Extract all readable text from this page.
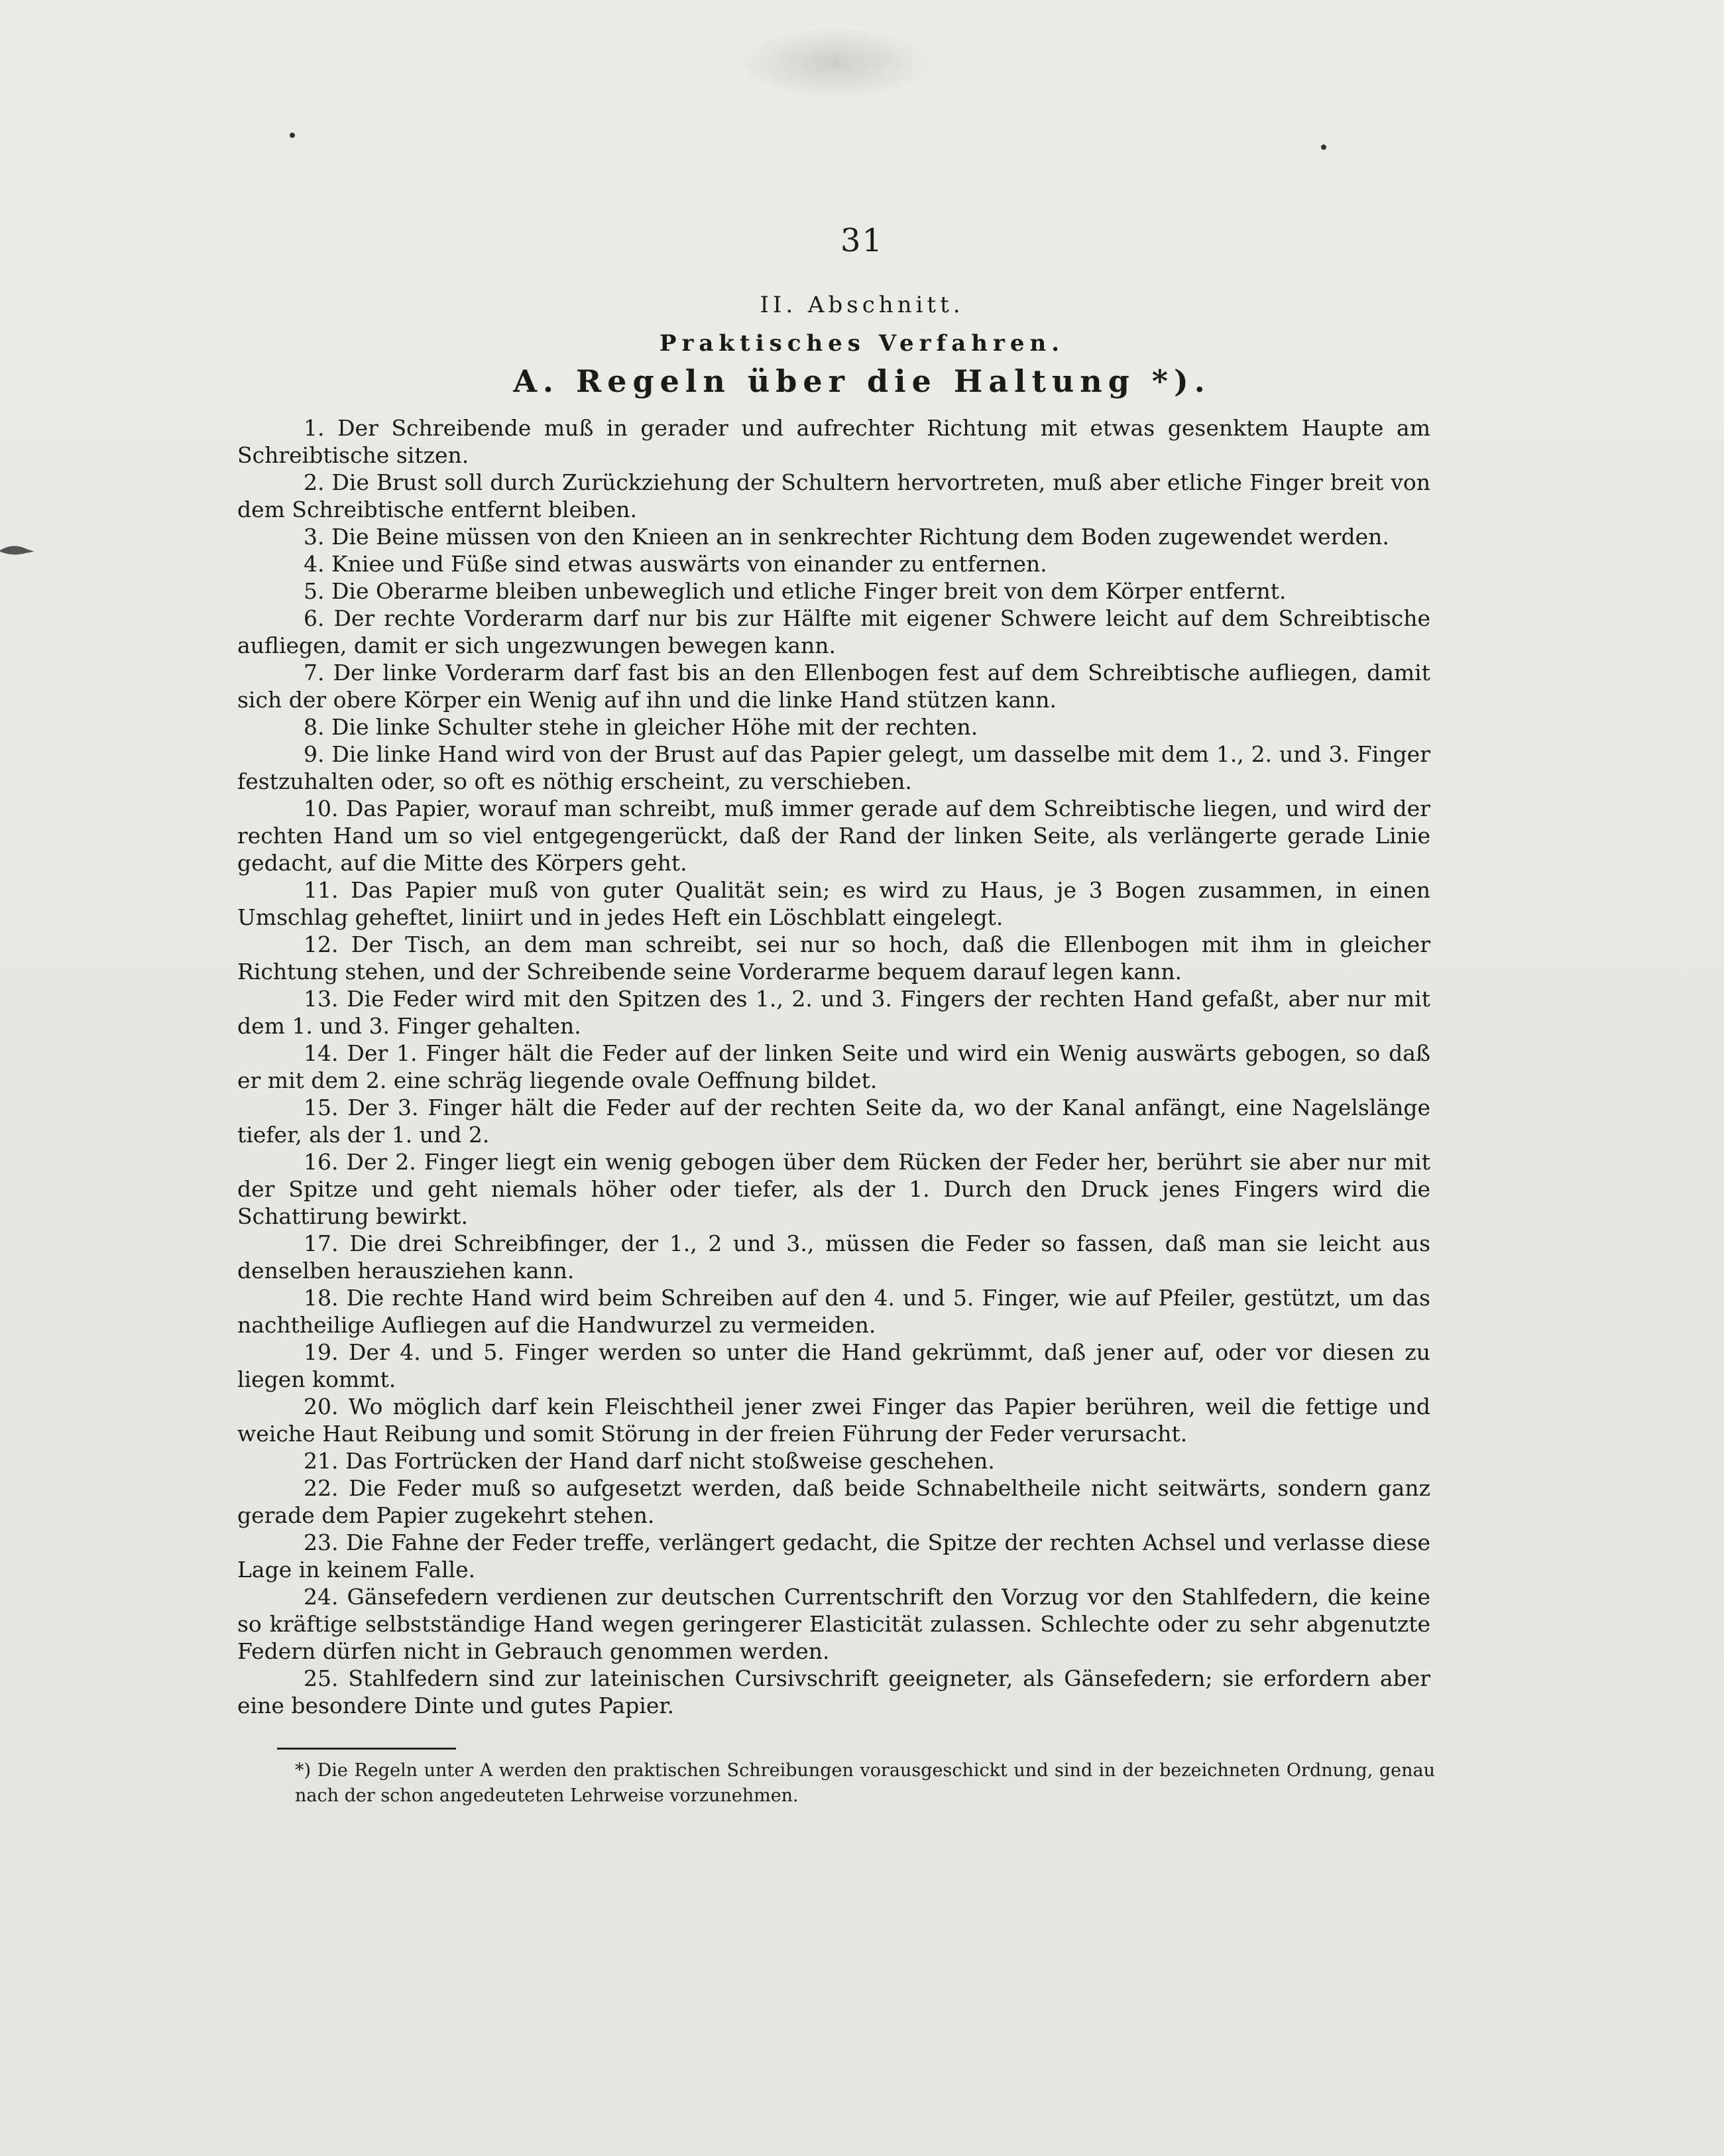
31
II. Abschnitt.
Praktisches Verfahren.
A. Regeln über die Haltung *).

1. Der Schreibende muß in gerader und aufrechter Richtung mit etwas gesenktem Haupte am Schreibtische sitzen.

2. Die Brust soll durch Zurückziehung der Schultern hervortreten, muß aber etliche Finger breit von dem Schreibtische entfernt bleiben.

3. Die Beine müssen von den Knieen an in senkrechter Richtung dem Boden zugewendet werden.

4. Kniee und Füße sind etwas auswärts von einander zu entfernen.

5. Die Oberarme bleiben unbeweglich und etliche Finger breit von dem Körper entfernt.

6. Der rechte Vorderarm darf nur bis zur Hälfte mit eigener Schwere leicht auf dem Schreibtische aufliegen, damit er sich ungezwungen bewegen kann.

7. Der linke Vorderarm darf fast bis an den Ellenbogen fest auf dem Schreibtische aufliegen, damit sich der obere Körper ein Wenig auf ihn und die linke Hand stützen kann.

8. Die linke Schulter stehe in gleicher Höhe mit der rechten.

9. Die linke Hand wird von der Brust auf das Papier gelegt, um dasselbe mit dem 1., 2. und 3. Finger festzuhalten oder, so oft es nöthig erscheint, zu verschieben.

10. Das Papier, worauf man schreibt, muß immer gerade auf dem Schreibtische liegen, und wird der rechten Hand um so viel entgegengerückt, daß der Rand der linken Seite, als verlängerte gerade Linie gedacht, auf die Mitte des Körpers geht.

11. Das Papier muß von guter Qualität sein; es wird zu Haus, je 3 Bogen zusammen, in einen Umschlag geheftet, liniirt und in jedes Heft ein Löschblatt eingelegt.

12. Der Tisch, an dem man schreibt, sei nur so hoch, daß die Ellenbogen mit ihm in gleicher Richtung stehen, und der Schreibende seine Vorderarme bequem darauf legen kann.

13. Die Feder wird mit den Spitzen des 1., 2. und 3. Fingers der rechten Hand gefaßt, aber nur mit dem 1. und 3. Finger gehalten.

14. Der 1. Finger hält die Feder auf der linken Seite und wird ein Wenig auswärts gebogen, so daß er mit dem 2. eine schräg liegende ovale Oeffnung bildet.

15. Der 3. Finger hält die Feder auf der rechten Seite da, wo der Kanal anfängt, eine Nagelslänge tiefer, als der 1. und 2.

16. Der 2. Finger liegt ein wenig gebogen über dem Rücken der Feder her, berührt sie aber nur mit der Spitze und geht niemals höher oder tiefer, als der 1. Durch den Druck jenes Fingers wird die Schattirung bewirkt.

17. Die drei Schreibfinger, der 1., 2 und 3., müssen die Feder so fassen, daß man sie leicht aus denselben herausziehen kann.

18. Die rechte Hand wird beim Schreiben auf den 4. und 5. Finger, wie auf Pfeiler, gestützt, um das nachtheilige Aufliegen auf die Handwurzel zu vermeiden.

19. Der 4. und 5. Finger werden so unter die Hand gekrümmt, daß jener auf, oder vor diesen zu liegen kommt.

20. Wo möglich darf kein Fleischtheil jener zwei Finger das Papier berühren, weil die fettige und weiche Haut Reibung und somit Störung in der freien Führung der Feder verursacht.

21. Das Fortrücken der Hand darf nicht stoßweise geschehen.

22. Die Feder muß so aufgesetzt werden, daß beide Schnabeltheile nicht seitwärts, sondern ganz gerade dem Papier zugekehrt stehen.

23. Die Fahne der Feder treffe, verlängert gedacht, die Spitze der rechten Achsel und verlasse diese Lage in keinem Falle.

24. Gänsefedern verdienen zur deutschen Currentschrift den Vorzug vor den Stahlfedern, die keine so kräftige selbstständige Hand wegen geringerer Elasticität zulassen. Schlechte oder zu sehr abgenutzte Federn dürfen nicht in Gebrauch genommen werden.

25. Stahlfedern sind zur lateinischen Cursivschrift geeigneter, als Gänsefedern; sie erfordern aber eine besondere Dinte und gutes Papier.

*) Die Regeln unter A werden den praktischen Schreibungen vorausgeschickt und sind in der bezeichneten Ordnung, genau nach der schon angedeuteten Lehrweise vorzunehmen.
